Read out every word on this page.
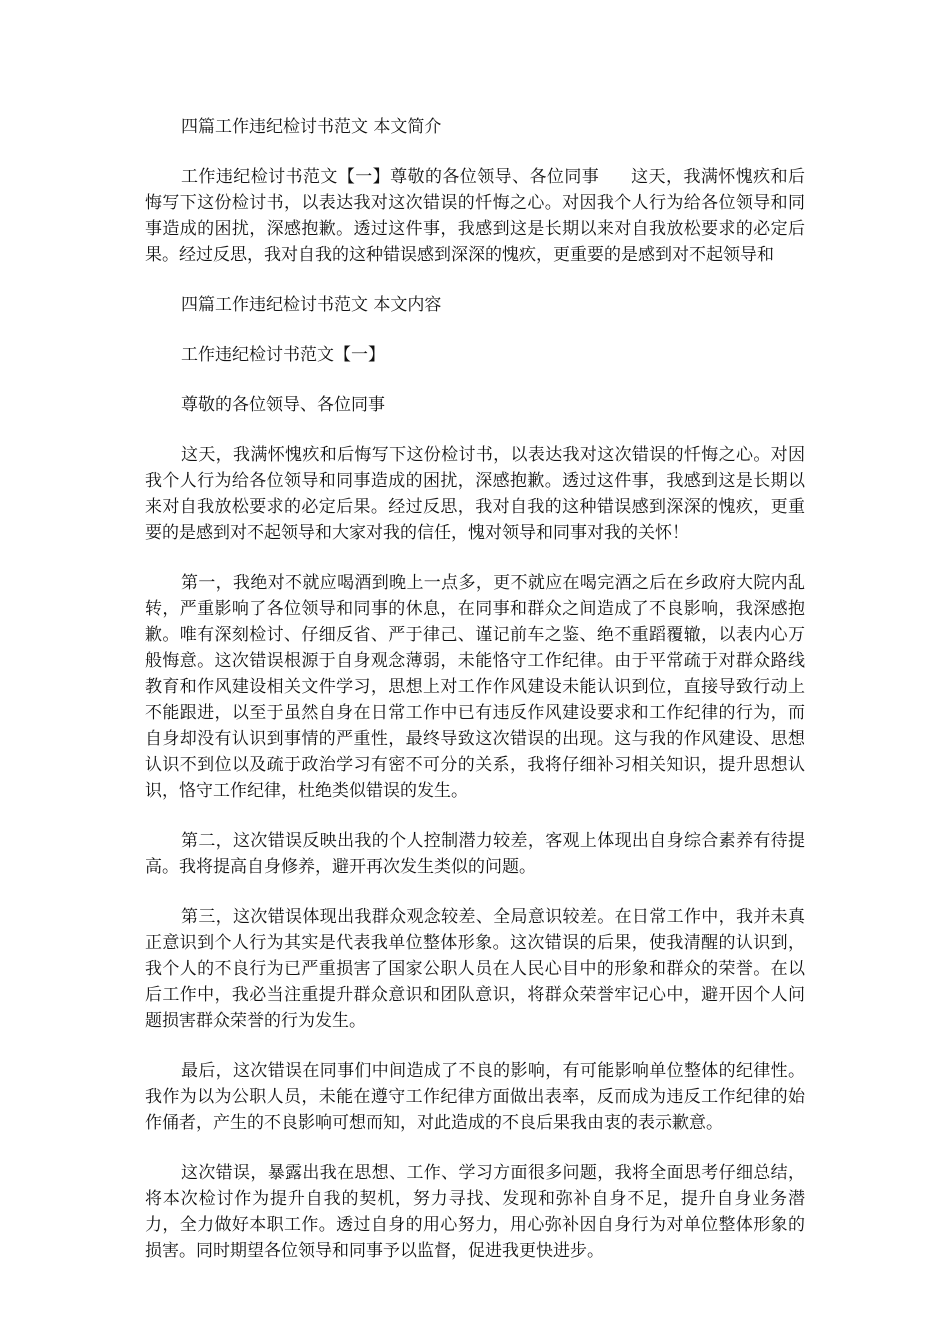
四篇工作违纪检讨书范文 本文简介

工作违纪检讨书范文【一】尊敬的各位领导、各位同事	这天，我满怀愧疚和后悔写下这份检讨书，以表达我对这次错误的忏悔之心。对因我个人行为给各位领导和同事造成的困扰，深感抱歉。透过这件事，我感到这是长期以来对自我放松要求的必定后果。经过反思，我对自我的这种错误感到深深的愧疚，更重要的是感到对不起领导和

四篇工作违纪检讨书范文 本文内容

工作违纪检讨书范文【一】

尊敬的各位领导、各位同事

这天，我满怀愧疚和后悔写下这份检讨书，以表达我对这次错误的忏悔之心。对因我个人行为给各位领导和同事造成的困扰，深感抱歉。透过这件事，我感到这是长期以来对自我放松要求的必定后果。经过反思，我对自我的这种错误感到深深的愧疚，更重要的是感到对不起领导和大家对我的信任，愧对领导和同事对我的关怀！

第一，我绝对不就应喝酒到晚上一点多，更不就应在喝完酒之后在乡政府大院内乱转，严重影响了各位领导和同事的休息，在同事和群众之间造成了不良影响，我深感抱歉。唯有深刻检讨、仔细反省、严于律己、谨记前车之鉴、绝不重蹈覆辙，以表内心万般悔意。这次错误根源于自身观念薄弱，未能恪守工作纪律。由于平常疏于对群众路线教育和作风建设相关文件学习，思想上对工作作风建设未能认识到位，直接导致行动上不能跟进，以至于虽然自身在日常工作中已有违反作风建设要求和工作纪律的行为，而自身却没有认识到事情的严重性，最终导致这次错误的出现。这与我的作风建设、思想认识不到位以及疏于政治学习有密不可分的关系，我将仔细补习相关知识，提升思想认识，恪守工作纪律，杜绝类似错误的发生。

第二，这次错误反映出我的个人控制潜力较差，客观上体现出自身综合素养有待提高。我将提高自身修养，避开再次发生类似的问题。

第三，这次错误体现出我群众观念较差、全局意识较差。在日常工作中，我并未真正意识到个人行为其实是代表我单位整体形象。这次错误的后果，使我清醒的认识到，我个人的不良行为已严重损害了国家公职人员在人民心目中的形象和群众的荣誉。在以后工作中，我必当注重提升群众意识和团队意识，将群众荣誉牢记心中，避开因个人问题损害群众荣誉的行为发生。

最后，这次错误在同事们中间造成了不良的影响，有可能影响单位整体的纪律性。我作为以为公职人员，未能在遵守工作纪律方面做出表率，反而成为违反工作纪律的始作俑者，产生的不良影响可想而知，对此造成的不良后果我由衷的表示歉意。

这次错误，暴露出我在思想、工作、学习方面很多问题，我将全面思考仔细总结，将本次检讨作为提升自我的契机，努力寻找、发现和弥补自身不足，提升自身业务潜力，全力做好本职工作。透过自身的用心努力，用心弥补因自身行为对单位整体形象的损害。同时期望各位领导和同事予以监督，促进我更快进步。
